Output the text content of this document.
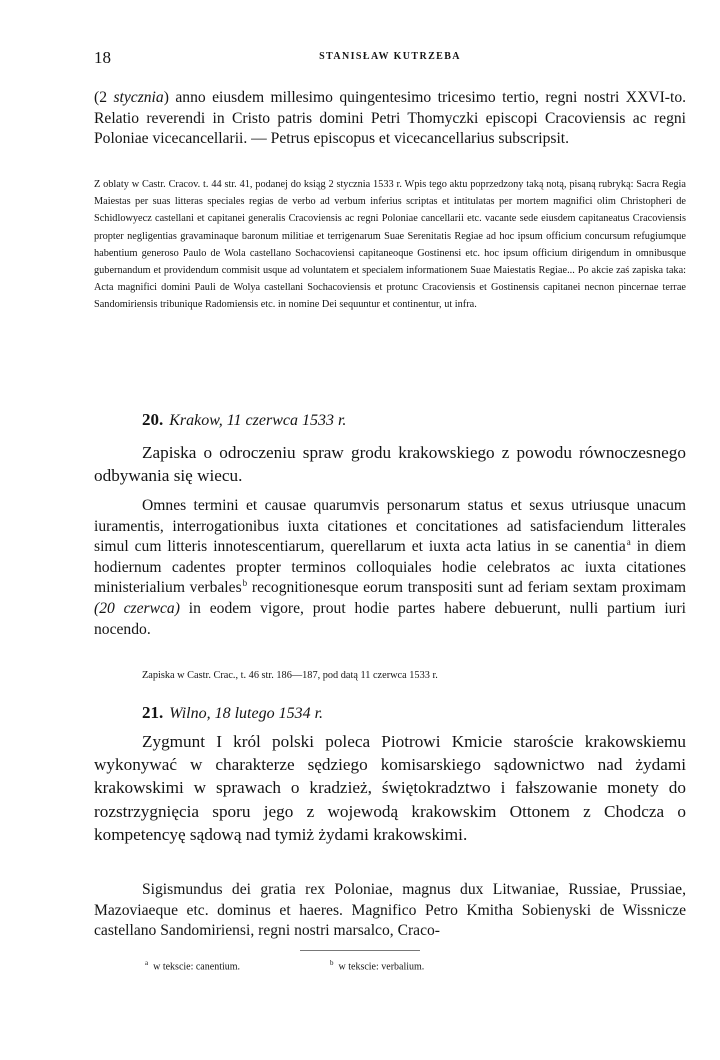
18	STANISŁAW KUTRZEBA

(2 stycznia) anno eiusdem millesimo quingentesimo tricesimo tertio, regni nostri XXVI-to. Relatio reverendi in Cristo patris domini Petri Thomyczki episcopi Cracoviensis ac regni Poloniae vicecancellarii. — Petrus episcopus et vicecancellarius subscripsit.

Z oblaty w Castr. Cracov. t. 44 str. 41, podanej do ksiąg 2 stycznia 1533 r. Wpis tego aktu poprzedzony taką notą, pisaną rubryką: Sacra Regia Maiestas per suas litteras speciales regias de verbo ad verbum inferius scriptas et intitulatas per mortem magnifici olim Christopheri de Schidlowyecz castellani et capitanei generalis Cracoviensis ac regni Poloniae cancellarii etc. vacante sede eiusdem capitaneatus Cracoviensis propter negligentias gravaminaque baronum militiae et terrigenarum Suae Serenitatis Regiae ad hoc ipsum officium concursum refugiumque habentium generoso Paulo de Wola castellano Sochacoviensi capitaneoque Gostinensi etc. hoc ipsum officium dirigendum in omnibusque gubernandum et providendum commisit usque ad voluntatem et specialem informationem Suae Maiestatis Regiae... Po akcie zaś zapiska taka: Acta magnifici domini Pauli de Wolya castellani Sochacoviensis et protunc Cracoviensis et Gostinensis capitanei necnon pincernae terrae Sandomiriensis tribunique Radomiensis etc. in nomine Dei sequuntur et continentur, ut infra.

20. Krakow, 11 czerwca 1533 r.

Zapiska o odroczeniu spraw grodu krakowskiego z powodu równoczesnego odbywania się wiecu.

Omnes termini et causae quarumvis personarum status et sexus utriusque unacum iuramentis, interrogationibus iuxta citationes et concitationes ad satisfaciendum litterales simul cum litteris innotescentiarum, querellarum et iuxta acta latius in se canentia$^a$ in diem hodiernum cadentes propter terminos colloquiales hodie celebratos ac iuxta citationes ministerialium verbales$^b$ recognitionesque eorum transpositi sunt ad feriam sextam proximam (20 czerwca) in eodem vigore, prout hodie partes habere debuerunt, nulli partium iuri nocendo.

Zapiska w Castr. Crac., t. 46 str. 186—187, pod datą 11 czerwca 1533 r.

21. Wilno, 18 lutego 1534 r.

Zygmunt I król polski poleca Piotrowi Kmicie staroście krakowskiemu wykonywać w charakterze sędziego komisarskiego sądownictwo nad żydami krakowskimi w sprawach o kradzież, świętokradztwo i fałszowanie monety do rozstrzygnięcia sporu jego z wojewodą krakowskim Ottonem z Chodcza o kompetencyę sądową nad tymiż żydami krakowskimi.

Sigismundus dei gratia rex Poloniae, magnus dux Litwaniae, Russiae, Prussiae, Mazoviaeque etc. dominus et haeres. Magnifico Petro Kmitha Sobienyski de Wissnicze castellano Sandomiriensi, regni nostri marsalco, Craco-

$^a$ w tekscie: canentium.	$^b$ w tekscie: verbalium.
